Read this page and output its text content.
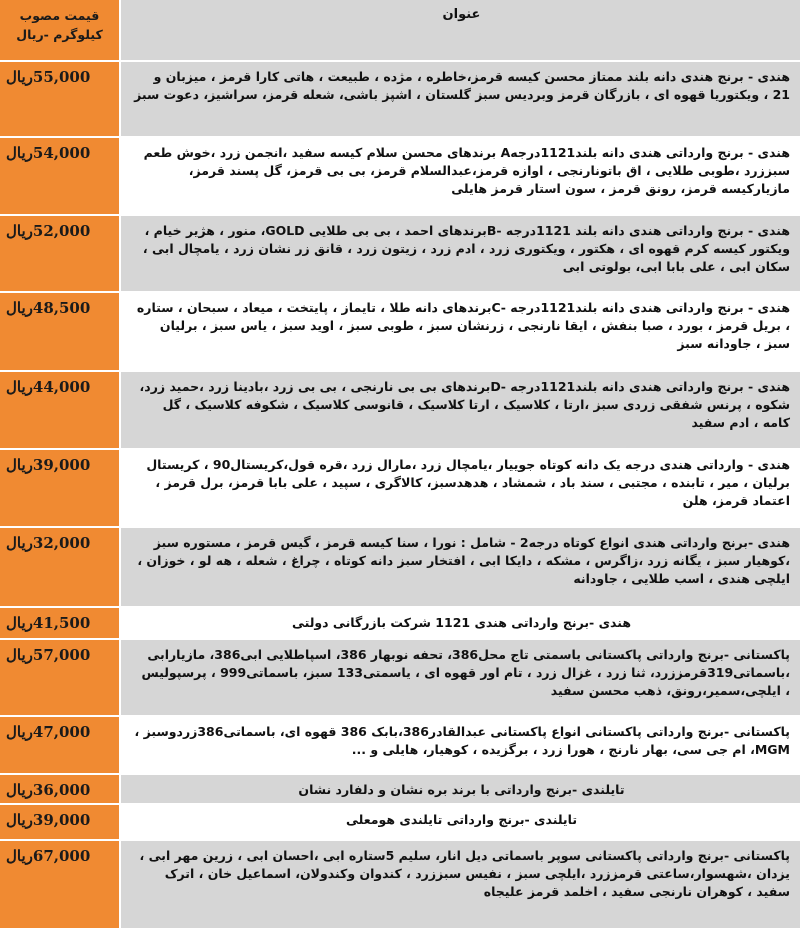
قیمت مصوب
کیلوگرم -ریال
عنوان
55,000ریال	هندی - برنج هندی دانه بلند ممتاز محسن کیسه قرمز،خاطره ، مژده ، طبیعت ، هاتی کارا قرمز ، میزبان و 21 ، ویکتوریا قهوه ای ، بازرگان قرمز وبردیس سبز گلستان ، اشپز باشی، شعله قرمز، سراشیز، دعوت سبز
54,000ریال	هندی - برنج وارداتی هندی دانه بلند1121درجهA برندهای محسن سلام کیسه سفید ،انجمن زرد ،خوش طعم سبززرد ،طوبی طلایی ، اق باتونارنجی ، اوازه قرمز،عبدالسلام قرمز، بی بی قرمز، گل پسند قرمز، مازیارکیسه قرمز، رونق قرمز ، سون استار قرمز هایلی
52,000ریال	هندی - برنج وارداتی هندی دانه بلند 1121درجه -Bبرندهای احمد ، بی بی طلایی GOLD، منور ، هژیر خیام ، ویکتور کیسه کرم قهوه ای ، هکتور ، ویکتوری زرد ، ادم زرد ، زیتون زرد ، قانق زر نشان زرد ، یامچال ابی ، سکان ابی ، علی بابا ابی، بولوتی ابی
48,500ریال	هندی - برنج وارداتی هندی دانه بلند1121درجه -Cبرندهای دانه طلا ، تایماز ، پایتخت ، میعاد ، سبحان ، ستاره ، بریل قرمز ، بورد ، صبا بنفش ، ایقا نارنجی ، زرنشان سبز ، طوبی سبز ، اوید سبز ، یاس سبز ، برلیان سبز ، جاودانه سبز
44,000ریال	هندی - برنج وارداتی هندی دانه بلند1121درجه -Dبرندهای بی بی نارنجی ، بی بی زرد ،بادینا زرد ،حمید زرد، شکوه ، پرنس شفقی زردی سبز ،ارتا ، کلاسیک ، ارتا کلاسیک ، قانوسی کلاسیک ، شکوفه کلاسیک ، گل کامه ، ادم سفید
39,000ریال	هندی - وارداتی هندی درجه یک دانه کوتاه جوییار ،یامچال زرد ،مارال زرد ،قره قول،کریستال90 ، کریستال برلیان ، میر ، تابنده ، مجتبی ، سند باد ، شمشاد ، هدهدسبز، کالاگری ، سپید ، علی بابا قرمز، برل قرمز ، اعتماد قرمز، هلن
32,000ریال	هندی -برنج وارداتی هندی انواع کوتاه درجه2 - شامل : نورا ، سنا کیسه قرمز ، گیس قرمز ، مستوره سبز ،کوهیار سبز ، یگانه زرد ،زاگرس ، مشکه ، دایکا ابی ، افتخار سبز دانه کوتاه ، چراغ ، شعله ، هه لو ، خوزان ، ایلچی هندی ، اسب طلایی ، جاودانه
41,500ریال	هندی -برنج وارداتی هندی 1121 شرکت بازرگانی دولتی
57,000ریال	پاکستانی -برنج وارداتی پاکستانی باسمتی تاج محل386، تحفه نوبهار 386، اسپاطلایی ابی386، مازیارابی ،باسماتی319قرمززرد، ثنا زرد ، غزال زرد ، تام اور قهوه ای ، یاسمتی133 سبز، باسماتی999 ، پرسپولیس ، ایلچی،سمیر،رونق، ذهب محسن سفید
47,000ریال	پاکستانی -برنج وارداتی پاکستانی انواع پاکستانی عبدالقادر386،بابک 386 قهوه ای، باسماتی386زردوسبز ، MGM، ام جی سی، بهار نارنج ، هورا زرد ، برگزیده ، کوهیار، هایلی و ...
36,000ریال	تایلندی -برنج وارداتی با برند بره نشان و دلفارد نشان
39,000ریال	تایلندی -برنج وارداتی تایلندی هومعلی
67,000ریال	پاکستانی -برنج وارداتی پاکستانی سوپر باسماتی دیل انار، سلیم 5ستاره ابی ،احسان ابی ، زرین مهر ابی ، یزدان ،شهسوار،ساعتی قرمززرد ،ایلچی سبز ، نفیس سبززرد ، کندوان وکندولان، اسماعیل خان ، اترک سفید ، کوهران نارنجی سفید ، اخلمد قرمز علیجاه
